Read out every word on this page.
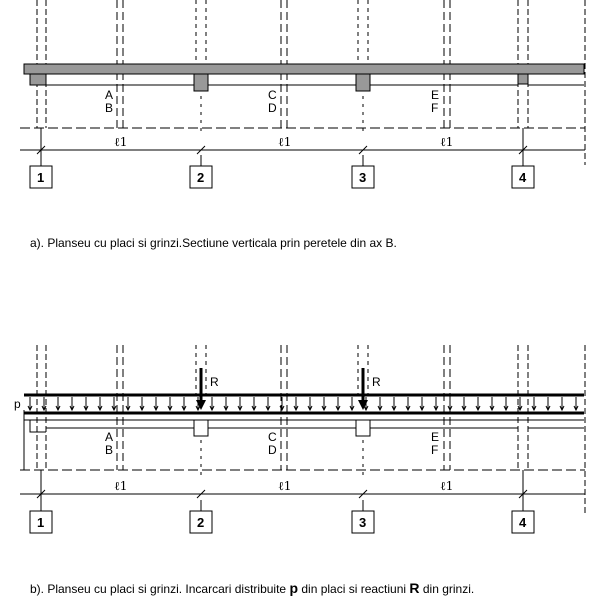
A
B
C
D
E
F
ℓ1	ℓ1	ℓ1
1	2	3	4
R	R
p
A
B
C
D
E
F
ℓ1	ℓ1	ℓ1
1	2	3	4
a). Planseu cu placi si grinzi.Sectiune verticala prin peretele din ax B.
b). Planseu cu placi si grinzi. Incarcari distribuite p din placi si reactiuni R din grinzi.
